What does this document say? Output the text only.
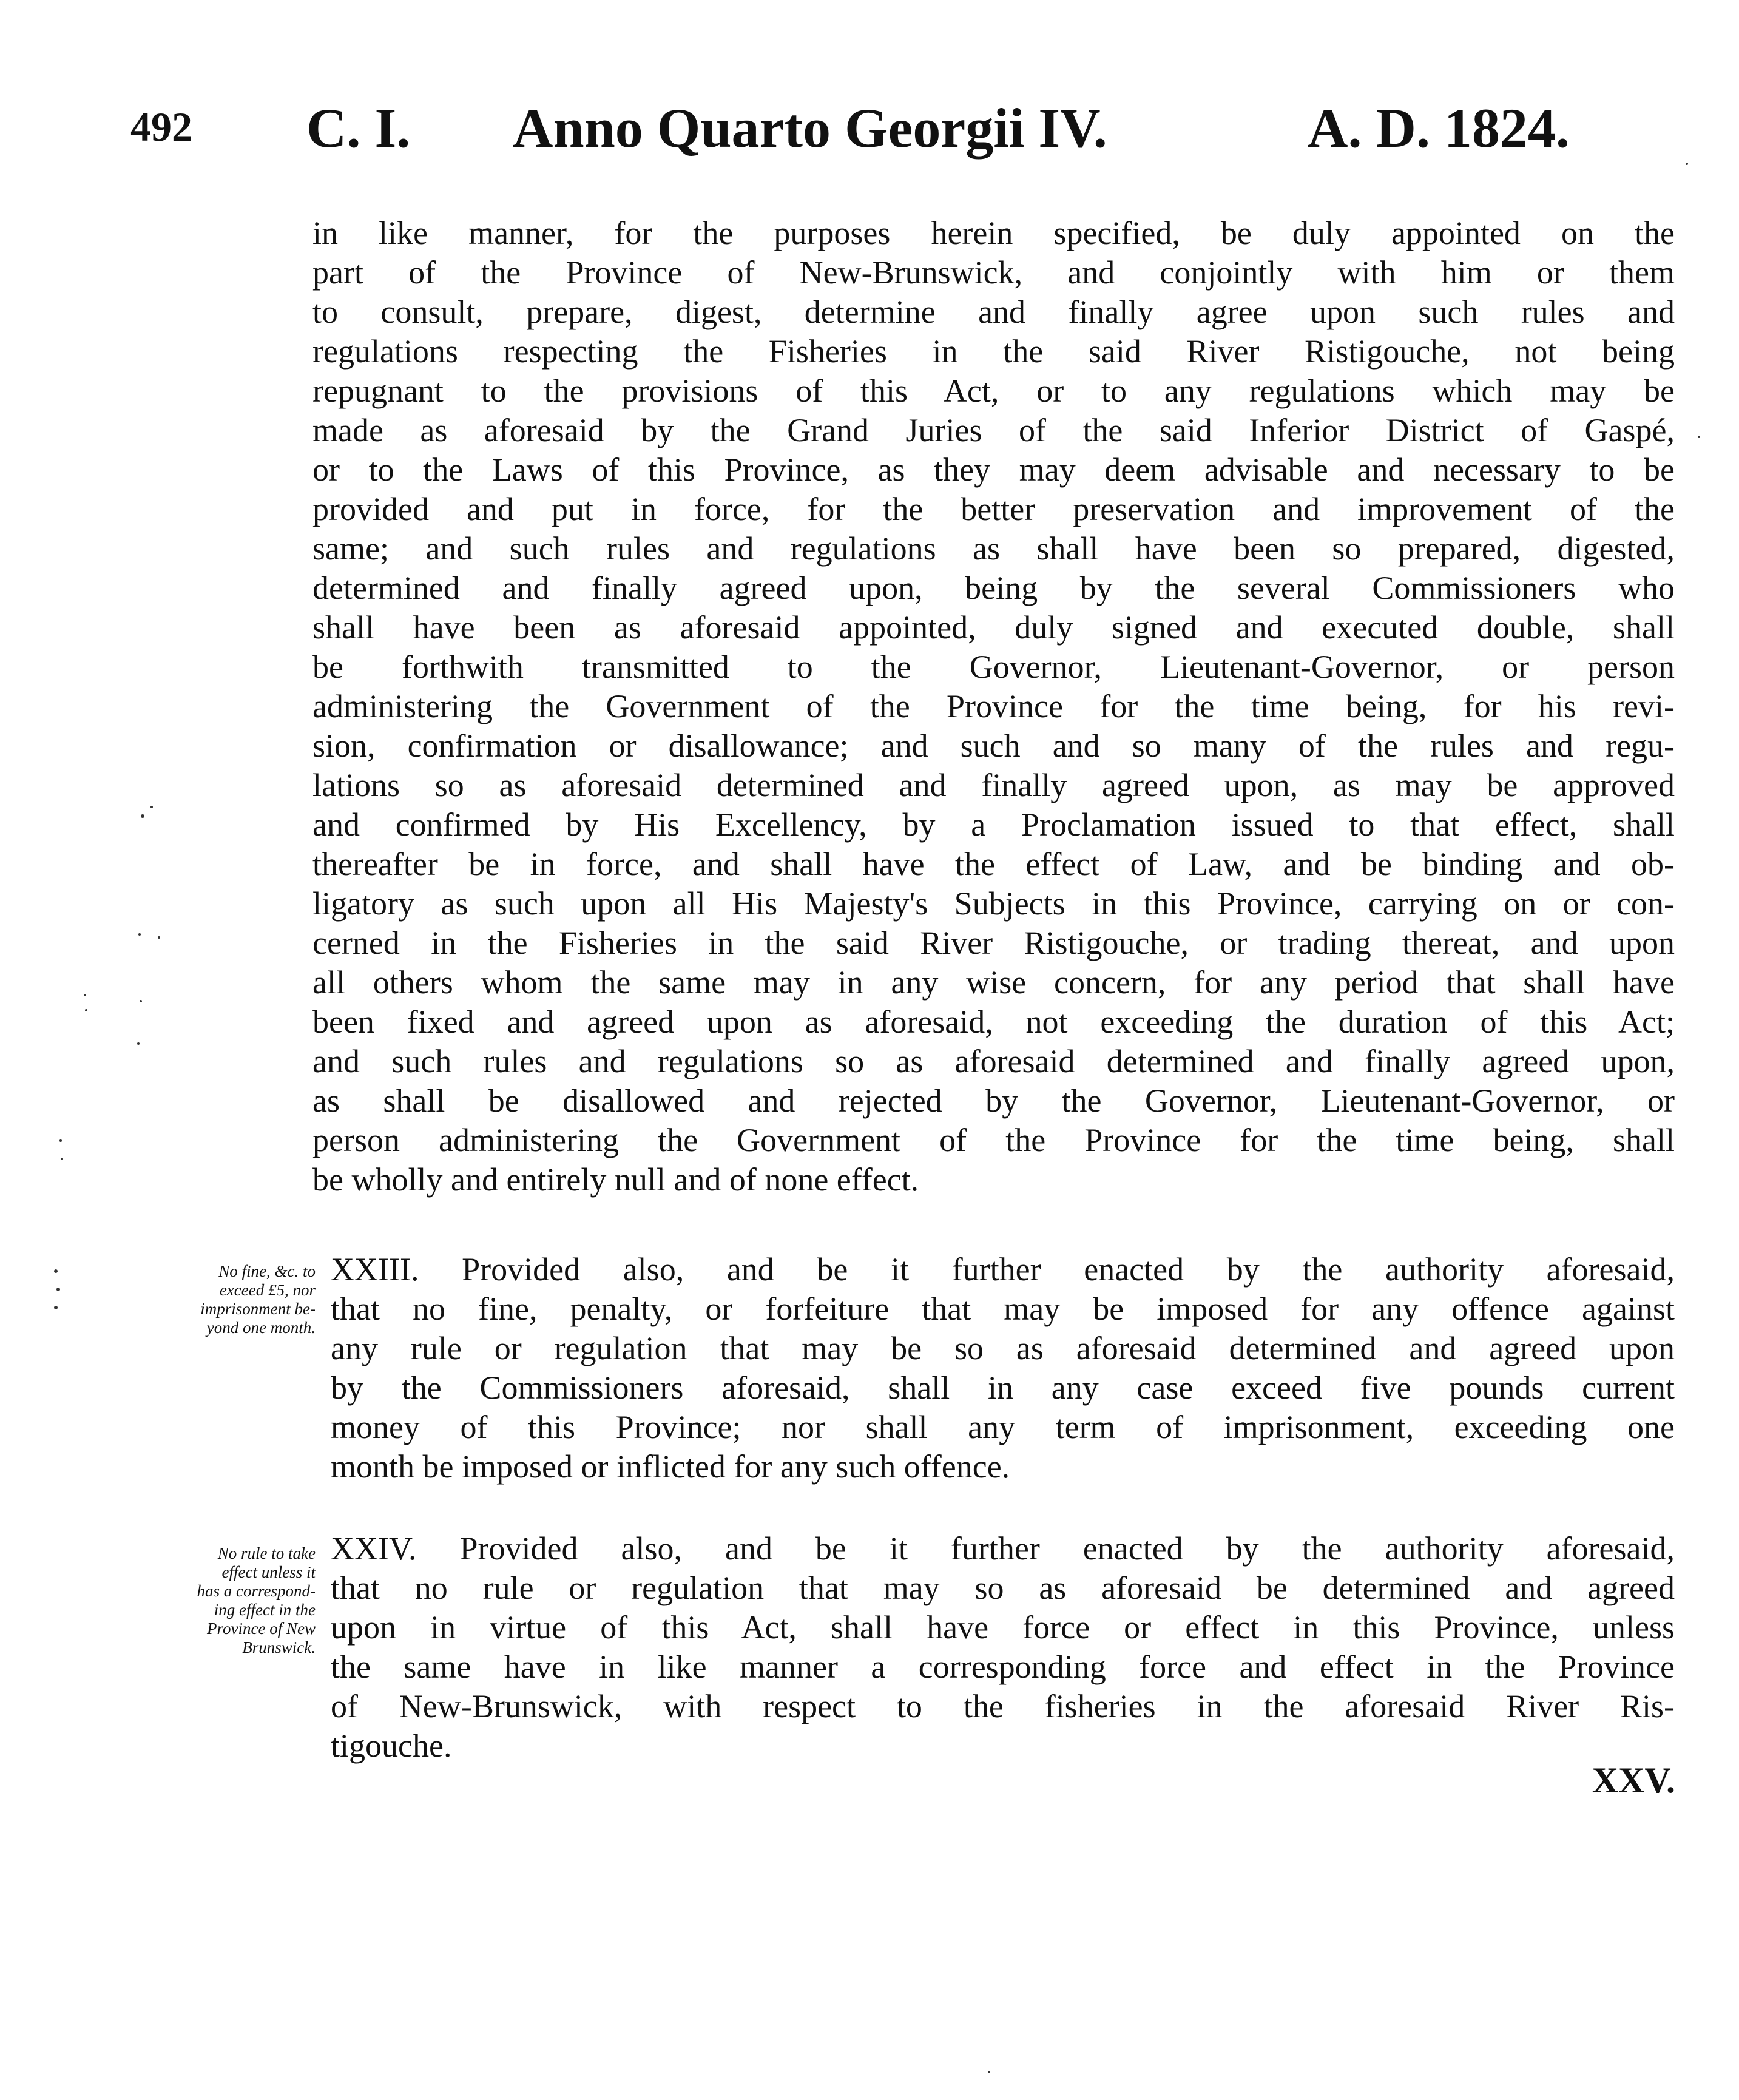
492 C. I. Anno Quarto Georgii IV.	A. D. 1824.
in like manner, for the purposes herein specified, be duly appointed on the
part of the Province of New-Brunswick, and conjointly with him or them
to consult, prepare, digest, determine and finally agree upon such rules and
regulations respecting the Fisheries in the said River Ristigouche, not being
repugnant to the provisions of this Act, or to any regulations which may be
made as aforesaid by the Grand Juries of the said Inferior District of Gaspé,
or to the Laws of this Province, as they may deem advisable and necessary to be
provided and put in force, for the better preservation and improvement of the
same; and such rules and regulations as shall have been so prepared, digested,
determined and finally agreed upon, being by the several Commissioners who
shall have been as aforesaid appointed, duly signed and executed double, shall
be forthwith transmitted to the Governor, Lieutenant-Governor, or person
administering the Government of the Province for the time being, for his revi-
sion, confirmation or disallowance; and such and so many of the rules and regu-
lations so as aforesaid determined and finally agreed upon, as may be approved
and confirmed by His Excellency, by a Proclamation issued to that effect, shall
thereafter be in force, and shall have the effect of Law, and be binding and ob-
ligatory as such upon all His Majesty's Subjects in this Province, carrying on or con-
cerned in the Fisheries in the said River Ristigouche, or trading thereat, and upon
all others whom the same may in any wise concern, for any period that shall have
been fixed and agreed upon as aforesaid, not exceeding the duration of this Act;
and such rules and regulations so as aforesaid determined and finally agreed upon,
as shall be disallowed and rejected by the Governor, Lieutenant-Governor, or
person administering the Government of the Province for the time being, shall
be wholly and entirely null and of none effect.
No fine, &c. to
exceed £5, nor
imprisonment be-
yond one month.
XXIII. Provided also, and be it further enacted by the authority aforesaid,
that no fine, penalty, or forfeiture that may be imposed for any offence against
any rule or regulation that may be so as aforesaid determined and agreed upon
by the Commissioners aforesaid, shall in any case exceed five pounds current
money of this Province; nor shall any term of imprisonment, exceeding one
month be imposed or inflicted for any such offence.
No rule to take
effect unless it
has a correspond-
ing effect in the
Province of New
Brunswick.
XXIV. Provided also, and be it further enacted by the authority aforesaid,
that no rule or regulation that may so as aforesaid be determined and agreed
upon in virtue of this Act, shall have force or effect in this Province, unless
the same have in like manner a corresponding force and effect in the Province
of New-Brunswick, with respect to the fisheries in the aforesaid River Ris-
tigouche.
XXV.
